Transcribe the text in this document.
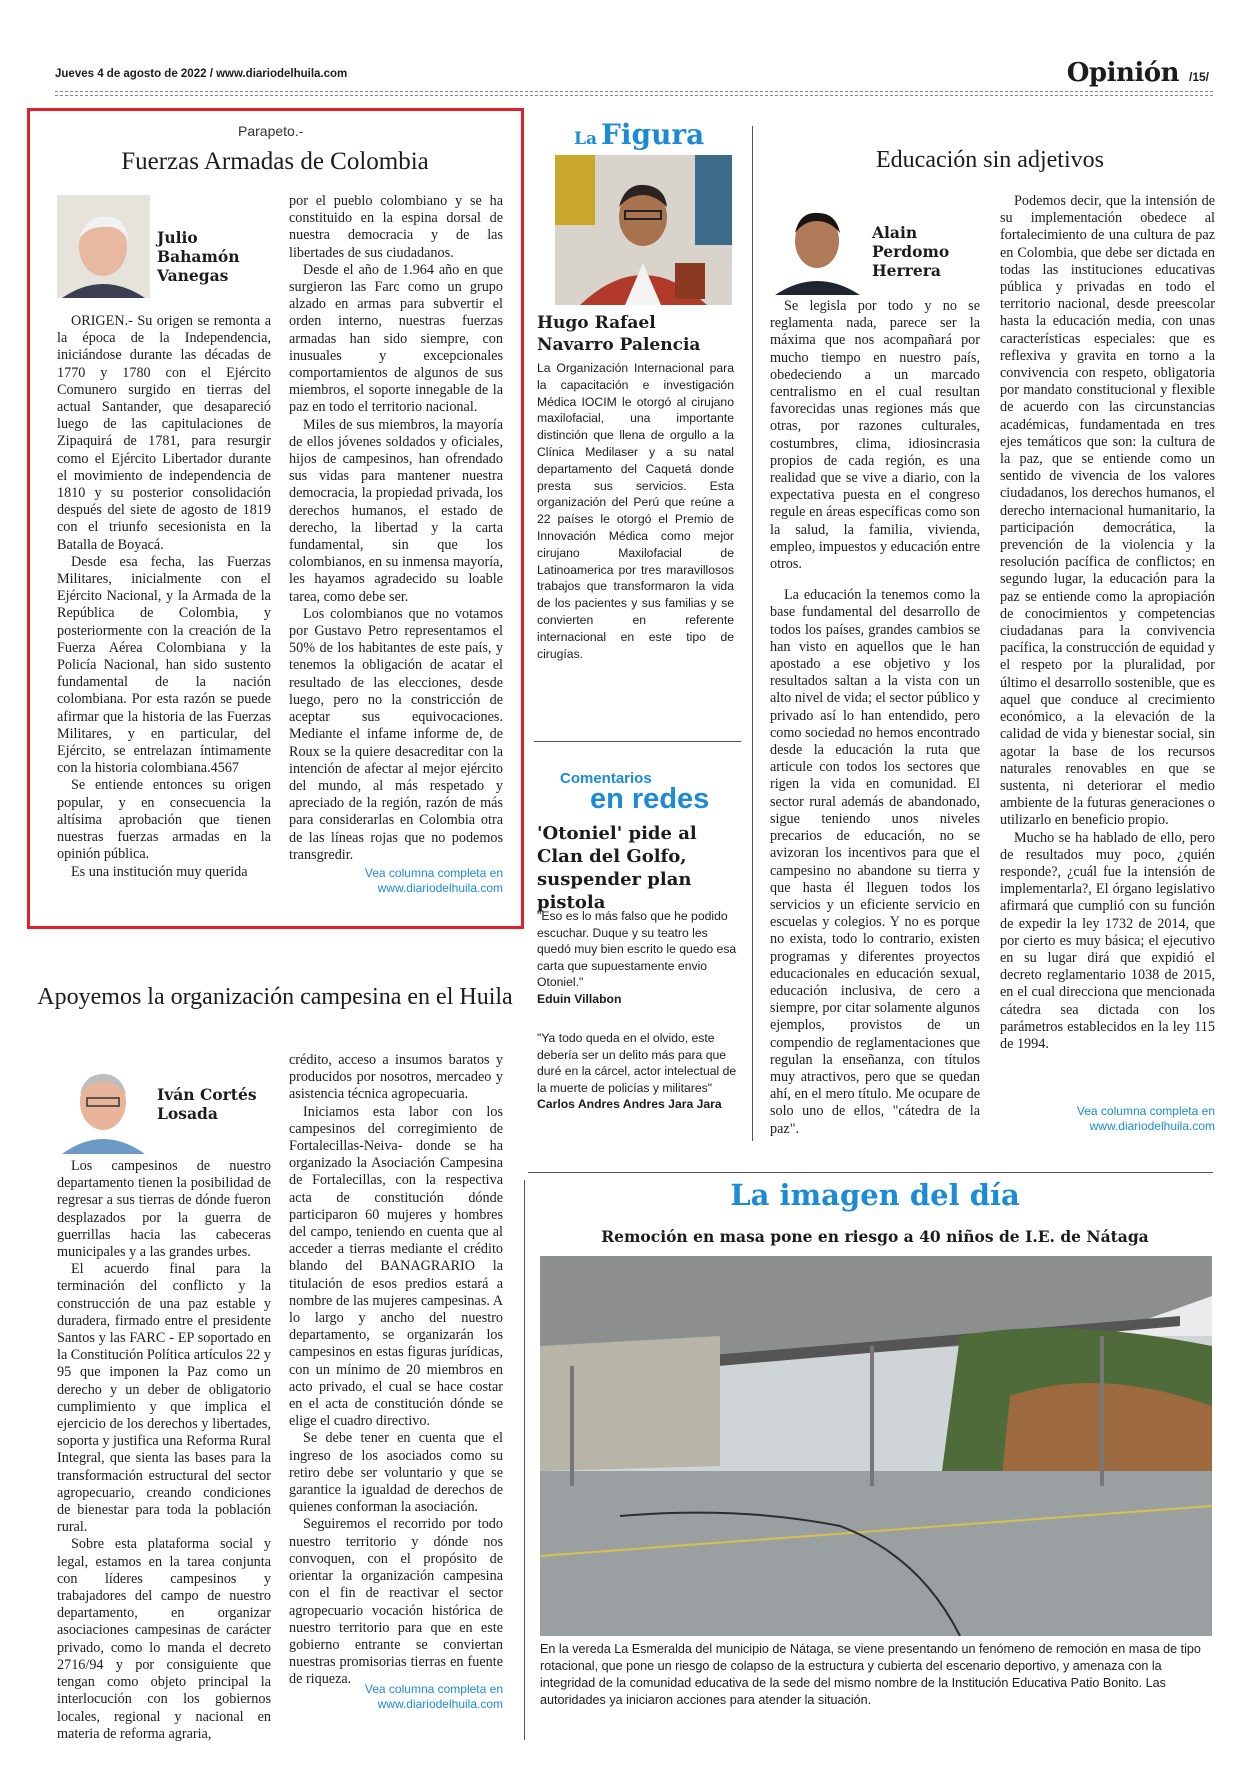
Jueves 4 de agosto de 2022 / www.diariodelhuila.com	Opinión /15/
Parapeto.-
Fuerzas Armadas de Colombia
Julio
Bahamón
Vanegas

ORIGEN.- Su origen se remonta a la época de la Independencia, iniciándose durante las décadas de 1770 y 1780 con el Ejército Comunero surgido en tierras del actual Santander, que desapareció luego de las capitulaciones de Zipaquirá de 1781, para resurgir como el Ejército Libertador durante el movimiento de independencia de 1810 y su posterior consolidación después del siete de agosto de 1819 con el triunfo secesionista en la Batalla de Boyacá.

Desde esa fecha, las Fuerzas Militares, inicialmente con el Ejército Nacional, y la Armada de la República de Colombia, y posteriormente con la creación de la Fuerza Aérea Colombiana y la Policía Nacional, han sido sustento fundamental de la nación colombiana. Por esta razón se puede afirmar que la historia de las Fuerzas Militares, y en particular, del Ejército, se entrelazan íntimamente con la historia colombiana.4567

Se entiende entonces su origen popular, y en consecuencia la altísima aprobación que tienen nuestras fuerzas armadas en la opinión pública.

Es una institución muy querida

por el pueblo colombiano y se ha constituido en la espina dorsal de nuestra democracia y de las libertades de sus ciudadanos.

Desde el año de 1.964 año en que surgieron las Farc como un grupo alzado en armas para subvertir el orden interno, nuestras fuerzas armadas han sido siempre, con inusuales y excepcionales comportamientos de algunos de sus miembros, el soporte innegable de la paz en todo el territorio nacional.

Miles de sus miembros, la mayoría de ellos jóvenes soldados y oficiales, hijos de campesinos, han ofrendado sus vidas para mantener nuestra democracia, la propiedad privada, los derechos humanos, el estado de derecho, la libertad y la carta fundamental, sin que los colombianos, en su inmensa mayoría, les hayamos agradecido su loable tarea, como debe ser.

Los colombianos que no votamos por Gustavo Petro representamos el 50% de los habitantes de este país, y tenemos la obligación de acatar el resultado de las elecciones, desde luego, pero no la constricción de aceptar sus equivocaciones. Mediante el infame informe de, de Roux se la quiere desacreditar con la intención de afectar al mejor ejército del mundo, al más respetado y apreciado de la región, razón de más para considerarlas en Colombia otra de las líneas rojas que no podemos transgredir.

Vea columna completa en
www.diariodelhuila.com
La Figura
Hugo Rafael Navarro Palencia
La Organización Internacional para la capacitación e investigación Médica IOCIM le otorgó al cirujano maxilofacial, una importante distinción que llena de orgullo a la Clínica Medilaser y a su natal departamento del Caquetá donde presta sus servicios. Esta organización del Perú que reúne a 22 países le otorgó el Premio de Innovación Médica como mejor cirujano Maxilofacial de Latinoamerica por tres maravillosos trabajos que transformaron la vida de los pacientes y sus familias y se convierten en referente internacional en este tipo de cirugías.
Comentarios
en redes
'Otoniel' pide al Clan del Golfo, suspender plan pistola
"Eso es lo más falso que he podido escuchar. Duque y su teatro les quedó muy bien escrito le quedo esa carta que supuestamente envio Otoniel."
Eduin Villabon
"Ya todo queda en el olvido, este debería ser un delito más para que duré en la cárcel, actor intelectual de la muerte de policías y militares"
Carlos Andres Andres Jara Jara
Educación sin adjetivos
Alain
Perdomo
Herrera

Se legisla por todo y no se reglamenta nada, parece ser la máxima que nos acompañará por mucho tiempo en nuestro país, obedeciendo a un marcado centralismo en el cual resultan favorecidas unas regiones más que otras, por razones culturales, costumbres, clima, idiosincrasia propios de cada región, es una realidad que se vive a diario, con la expectativa puesta en el congreso regule en áreas específicas como son la salud, la familia, vivienda, empleo, impuestos y educación entre otros.

La educación la tenemos como la base fundamental del desarrollo de todos los países, grandes cambios se han visto en aquellos que le han apostado a ese objetivo y los resultados saltan a la vista con un alto nivel de vida; el sector público y privado así lo han entendido, pero como sociedad no hemos encontrado desde la educación la ruta que articule con todos los sectores que rigen la vida en comunidad. El sector rural además de abandonado, sigue teniendo unos niveles precarios de educación, no se avizoran los incentivos para que el campesino no abandone su tierra y que hasta él lleguen todos los servicios y un eficiente servicio en escuelas y colegios. Y no es porque no exista, todo lo contrario, existen programas y diferentes proyectos educacionales en educación sexual, educación inclusiva, de cero a siempre, por citar solamente algunos ejemplos, provistos de un compendio de reglamentaciones que regulan la enseñanza, con títulos muy atractivos, pero que se quedan ahí, en el mero título. Me ocupare de solo uno de ellos, "cátedra de la paz".

Podemos decir, que la intensión de su implementación obedece al fortalecimiento de una cultura de paz en Colombia, que debe ser dictada en todas las instituciones educativas pública y privadas en todo el territorio nacional, desde preescolar hasta la educación media, con unas características especiales: que es reflexiva y gravita en torno a la convivencia con respeto, obligatoria por mandato constitucional y flexible de acuerdo con las circunstancias académicas, fundamentada en tres ejes temáticos que son: la cultura de la paz, que se entiende como un sentido de vivencia de los valores ciudadanos, los derechos humanos, el derecho internacional humanitario, la participación democrática, la prevención de la violencia y la resolución pacífica de conflictos; en segundo lugar, la educación para la paz se entiende como la apropiación de conocimientos y competencias ciudadanas para la convivencia pacífica, la construcción de equidad y el respeto por la pluralidad, por último el desarrollo sostenible, que es aquel que conduce al crecimiento económico, a la elevación de la calidad de vida y bienestar social, sin agotar la base de los recursos naturales renovables en que se sustenta, ni deteriorar el medio ambiente de la futuras generaciones o utilizarlo en beneficio propio.

Mucho se ha hablado de ello, pero de resultados muy poco, ¿quién responde?, ¿cuál fue la intensión de implementarla?, El órgano legislativo afirmará que cumplió con su función de expedir la ley 1732 de 2014, que por cierto es muy básica; el ejecutivo en su lugar dirá que expidió el decreto reglamentario 1038 de 2015, en el cual direcciona que mencionada cátedra sea dictada con los parámetros establecidos en la ley 115 de 1994.

Vea columna completa en
www.diariodelhuila.com
Apoyemos la organización campesina en el Huila
Iván Cortés
Losada

Los campesinos de nuestro departamento tienen la posibilidad de regresar a sus tierras de dónde fueron desplazados por la guerra de guerrillas hacia las cabeceras municipales y a las grandes urbes.

El acuerdo final para la terminación del conflicto y la construcción de una paz estable y duradera, firmado entre el presidente Santos y las FARC - EP soportado en la Constitución Política artículos 22 y 95 que imponen la Paz como un derecho y un deber de obligatorio cumplimiento y que implica el ejercicio de los derechos y libertades, soporta y justifica una Reforma Rural Integral, que sienta las bases para la transformación estructural del sector agropecuario, creando condiciones de bienestar para toda la población rural.

Sobre esta plataforma social y legal, estamos en la tarea conjunta con líderes campesinos y trabajadores del campo de nuestro departamento, en organizar asociaciones campesinas de carácter privado, como lo manda el decreto 2716/94 y por consiguiente que tengan como objeto principal la interlocución con los gobiernos locales, regional y nacional en materia de reforma agraria,

crédito, acceso a insumos baratos y producidos por nosotros, mercadeo y asistencia técnica agropecuaria.

Iniciamos esta labor con los campesinos del corregimiento de Fortalecillas-Neiva- donde se ha organizado la Asociación Campesina de Fortalecillas, con la respectiva acta de constitución dónde participaron 60 mujeres y hombres del campo, teniendo en cuenta que al acceder a tierras mediante el crédito blando del BANAGRARIO la titulación de esos predios estará a nombre de las mujeres campesinas. A lo largo y ancho del nuestro departamento, se organizarán los campesinos en estas figuras jurídicas, con un mínimo de 20 miembros en acto privado, el cual se hace costar en el acta de constitución dónde se elige el cuadro directivo.

Se debe tener en cuenta que el ingreso de los asociados como su retiro debe ser voluntario y que se garantice la igualdad de derechos de quienes conforman la asociación.

Seguiremos el recorrido por todo nuestro territorio y dónde nos convoquen, con el propósito de orientar la organización campesina con el fin de reactivar el sector agropecuario vocación histórica de nuestro territorio para que en este gobierno entrante se conviertan nuestras promisorias tierras en fuente de riqueza.

Vea columna completa en
www.diariodelhuila.com
La imagen del día
Remoción en masa pone en riesgo a 40 niños de I.E. de Nátaga
En la vereda La Esmeralda del municipio de Nátaga, se viene presentando un fenómeno de remoción en masa de tipo rotacional, que pone un riesgo de colapso de la estructura y cubierta del escenario deportivo, y amenaza con la integridad de la comunidad educativa de la sede del mismo nombre de la Institución Educativa Patio Bonito. Las autoridades ya iniciaron acciones para atender la situación.
